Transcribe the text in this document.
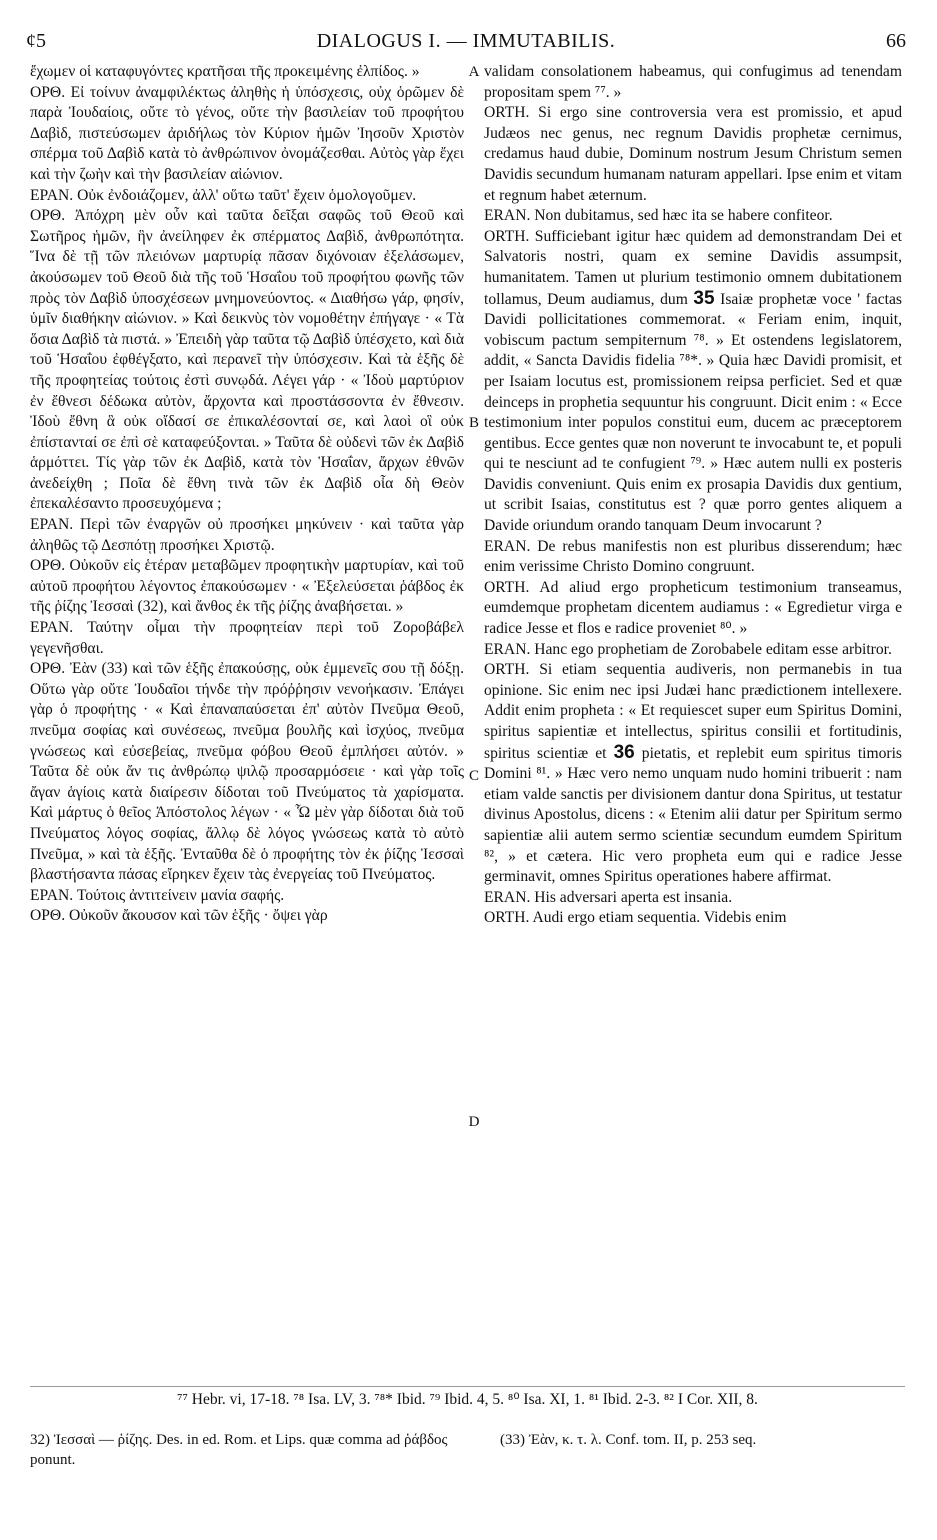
¢5	DIALOGUS I. — IMMUTABILIS.	66

ἔχωμεν οἱ καταφυγόντες κρατῆσαι τῆς προκειμένης ἐλπίδος. »

ΟΡΘ. Εἰ τοίνυν ἀναμφιλέκτως ἀληθὴς ἡ ὑπόσχεσις, οὐχ ὁρῶμεν δὲ παρὰ Ἰουδαίοις, οὔτε τὸ γένος, οὔτε τὴν βασιλείαν τοῦ προφήτου Δαβὶδ, πιστεύσωμεν ἀριδήλως τὸν Κύριον ἡμῶν Ἰησοῦν Χριστὸν σπέρμα τοῦ Δαβὶδ κατὰ τὸ ἀνθρώπινον ὀνομάζεσθαι. Αὐτὸς γὰρ ἔχει καὶ τὴν ζωὴν καὶ τὴν βασιλείαν αἰώνιον.

ΕΡΑΝ. Οὐκ ἐνδοιάζομεν, ἀλλ' οὕτω ταῦτ' ἔχειν ὁμολογοῦμεν.

ΟΡΘ. Ἀπόχρη μὲν οὖν καὶ ταῦτα δεῖξαι σαφῶς τοῦ Θεοῦ καὶ Σωτῆρος ἡμῶν, ἣν ἀνείληφεν ἐκ σπέρματος Δαβὶδ, ἀνθρωπότητα. Ἵνα δὲ τῇ τῶν πλειόνων μαρτυρίᾳ πᾶσαν διχόνοιαν ἐξελάσωμεν, ἀκούσωμεν τοῦ Θεοῦ διὰ τῆς τοῦ Ἡσαΐου τοῦ προφήτου φωνῆς τῶν πρὸς τὸν Δαβὶδ ὑποσχέσεων μνημονεύοντος. « Διαθήσω γάρ, φησίν, ὑμῖν διαθήκην αἰώνιον. » Καὶ δεικνὺς τὸν νομοθέτην ἐπήγαγε · « Τὰ ὅσια Δαβὶδ τὰ πιστά. » Ἐπειδὴ γὰρ ταῦτα τῷ Δαβὶδ ὑπέσχετο, καὶ διὰ τοῦ Ἡσαΐου ἐφθέγξατο, καὶ περανεῖ τὴν ὑπόσχεσιν. Καὶ τὰ ἑξῆς δὲ τῆς προφητείας τούτοις ἐστὶ συνῳδά. Λέγει γάρ · « Ἰδοὺ μαρτύριον ἐν ἔθνεσι δέδωκα αὐτὸν, ἄρχοντα καὶ προστάσσοντα ἐν ἔθνεσιν. Ἰδοὺ ἔθνη ἃ οὐκ οἴδασί σε ἐπικαλέσονταί σε, καὶ λαοὶ οἳ οὐκ ἐπίστανταί σε ἐπὶ σὲ καταφεύξονται. » Ταῦτα δὲ οὐδενὶ τῶν ἐκ Δαβὶδ ἁρμόττει. Τίς γὰρ τῶν ἐκ Δαβὶδ, κατὰ τὸν Ἡσαΐαν, ἄρχων ἐθνῶν ἀνεδείχθη ; Ποῖα δὲ ἔθνη τινὰ τῶν ἐκ Δαβὶδ οἷα δὴ Θεὸν ἐπεκαλέσαντο προσευχόμενα ;

ΕΡΑΝ. Περὶ τῶν ἐναργῶν οὐ προσήκει μηκύνειν · καὶ ταῦτα γὰρ ἀληθῶς τῷ Δεσπότῃ προσήκει Χριστῷ.

ΟΡΘ. Οὐκοῦν εἰς ἑτέραν μεταβῶμεν προφητικὴν μαρτυρίαν, καὶ τοῦ αὐτοῦ προφήτου λέγοντος ἐπακούσωμεν · « Ἐξελεύσεται ῥάβδος ἐκ τῆς ῥίζης Ἰεσσαὶ (32), καὶ ἄνθος ἐκ τῆς ῥίζης ἀναβήσεται. »

ΕΡΑΝ. Ταύτην οἶμαι τὴν προφητείαν περὶ τοῦ Ζοροβάβελ γεγενῆσθαι.

ΟΡΘ. Ἐὰν (33) καὶ τῶν ἑξῆς ἐπακούσῃς, οὐκ ἐμμενεῖς σου τῇ δόξῃ. Οὕτω γὰρ οὔτε Ἰουδαῖοι τήνδε τὴν πρόῤῥησιν νενοήκασιν. Ἐπάγει γὰρ ὁ προφήτης · « Καὶ ἐπαναπαύσεται ἐπ' αὐτὸν Πνεῦμα Θεοῦ, πνεῦμα σοφίας καὶ συνέσεως, πνεῦμα βουλῆς καὶ ἰσχύος, πνεῦμα γνώσεως καὶ εὐσεβείας, πνεῦμα φόβου Θεοῦ ἐμπλήσει αὐτόν. » Ταῦτα δὲ οὐκ ἄν τις ἀνθρώπῳ ψιλῷ προσαρμόσειε · καὶ γὰρ τοῖς ἄγαν ἁγίοις κατὰ διαίρεσιν δίδοται τοῦ Πνεύματος τὰ χαρίσματα. Καὶ μάρτυς ὁ θεῖος Ἀπόστολος λέγων · « Ὧ μὲν γὰρ δίδοται διὰ τοῦ Πνεύματος λόγος σοφίας, ἄλλῳ δὲ λόγος γνώσεως κατὰ τὸ αὐτὸ Πνεῦμα, » καὶ τὰ ἑξῆς. Ἐνταῦθα δὲ ὁ προφήτης τὸν ἐκ ῥίζης Ἰεσσαὶ βλαστήσαντα πάσας εἴρηκεν ἔχειν τὰς ἐνεργείας τοῦ Πνεύματος.

ΕΡΑΝ. Τούτοις ἀντιτείνειν μανία σαφής.

ΟΡΘ. Οὐκοῦν ἄκουσον καὶ τῶν ἑξῆς · ὄψει γὰρ

A
B
C
D

validam consolationem habeamus, qui confugimus ad tenendam propositam spem ⁷⁷. »

ORTH. Si ergo sine controversia vera est promissio, et apud Judæos nec genus, nec regnum Davidis prophetæ cernimus, credamus haud dubie, Dominum nostrum Jesum Christum semen Davidis secundum humanam naturam appellari. Ipse enim et vitam et regnum habet æternum.

ERAN. Non dubitamus, sed hæc ita se habere confiteor.

ORTH. Sufficiebant igitur hæc quidem ad demonstrandam Dei et Salvatoris nostri, quam ex semine Davidis assumpsit, humanitatem. Tamen ut plurium testimonio omnem dubitationem tollamus, Deum audiamus, dum 35 Isaiæ prophetæ voce ' factas Davidi pollicitationes commemorat. « Feriam enim, inquit, vobiscum pactum sempiternum ⁷⁸. » Et ostendens legislatorem, addit, « Sancta Davidis fidelia ⁷⁸*. » Quia hæc Davidi promisit, et per Isaiam locutus est, promissionem reipsa perficiet. Sed et quæ deinceps in prophetia sequuntur his congruunt. Dicit enim : « Ecce testimonium inter populos constitui eum, ducem ac præceptorem gentibus. Ecce gentes quæ non noverunt te invocabunt te, et populi qui te nesciunt ad te confugient ⁷⁹. » Hæc autem nulli ex posteris Davidis conveniunt. Quis enim ex prosapia Davidis dux gentium, ut scribit Isaias, constitutus est ? quæ porro gentes aliquem a Davide oriundum orando tanquam Deum invocarunt ?

ERAN. De rebus manifestis non est pluribus disserendum; hæc enim verissime Christo Domino congruunt.

ORTH. Ad aliud ergo propheticum testimonium transeamus, eumdemque prophetam dicentem audiamus : « Egredietur virga e radice Jesse et flos e radice proveniet ⁸⁰. »

ERAN. Hanc ego prophetiam de Zorobabele editam esse arbitror.

ORTH. Si etiam sequentia audiveris, non permanebis in tua opinione. Sic enim nec ipsi Judæi hanc prædictionem intellexere. Addit enim propheta : « Et requiescet super eum Spiritus Domini, spiritus sapientiæ et intellectus, spiritus consilii et fortitudinis, spiritus scientiæ et 36 pietatis, et replebit eum spiritus timoris Domini ⁸¹. » Hæc vero nemo unquam nudo homini tribuerit : nam etiam valde sanctis per divisionem dantur dona Spiritus, ut testatur divinus Apostolus, dicens : « Etenim alii datur per Spiritum sermo sapientiæ alii autem sermo scientiæ secundum eumdem Spiritum ⁸², » et cætera. Hic vero propheta eum qui e radice Jesse germinavit, omnes Spiritus operationes habere affirmat.

ERAN. His adversari aperta est insania.

ORTH. Audi ergo etiam sequentia. Videbis enim

⁷⁷ Hebr. vi, 17-18. ⁷⁸ Isa. LV, 3. ⁷⁸* Ibid. ⁷⁹ Ibid. 4, 5. ⁸⁰ Isa. XI, 1. ⁸¹ Ibid. 2-3. ⁸² I Cor. XII, 8.
32) Ἰεσσαὶ — ῥίζης. Des. in ed. Rom. et Lips. quæ comma ad ῥάβδος ponunt.
(33) Ἐὰν, κ. τ. λ. Conf. tom. II, p. 253 seq.
